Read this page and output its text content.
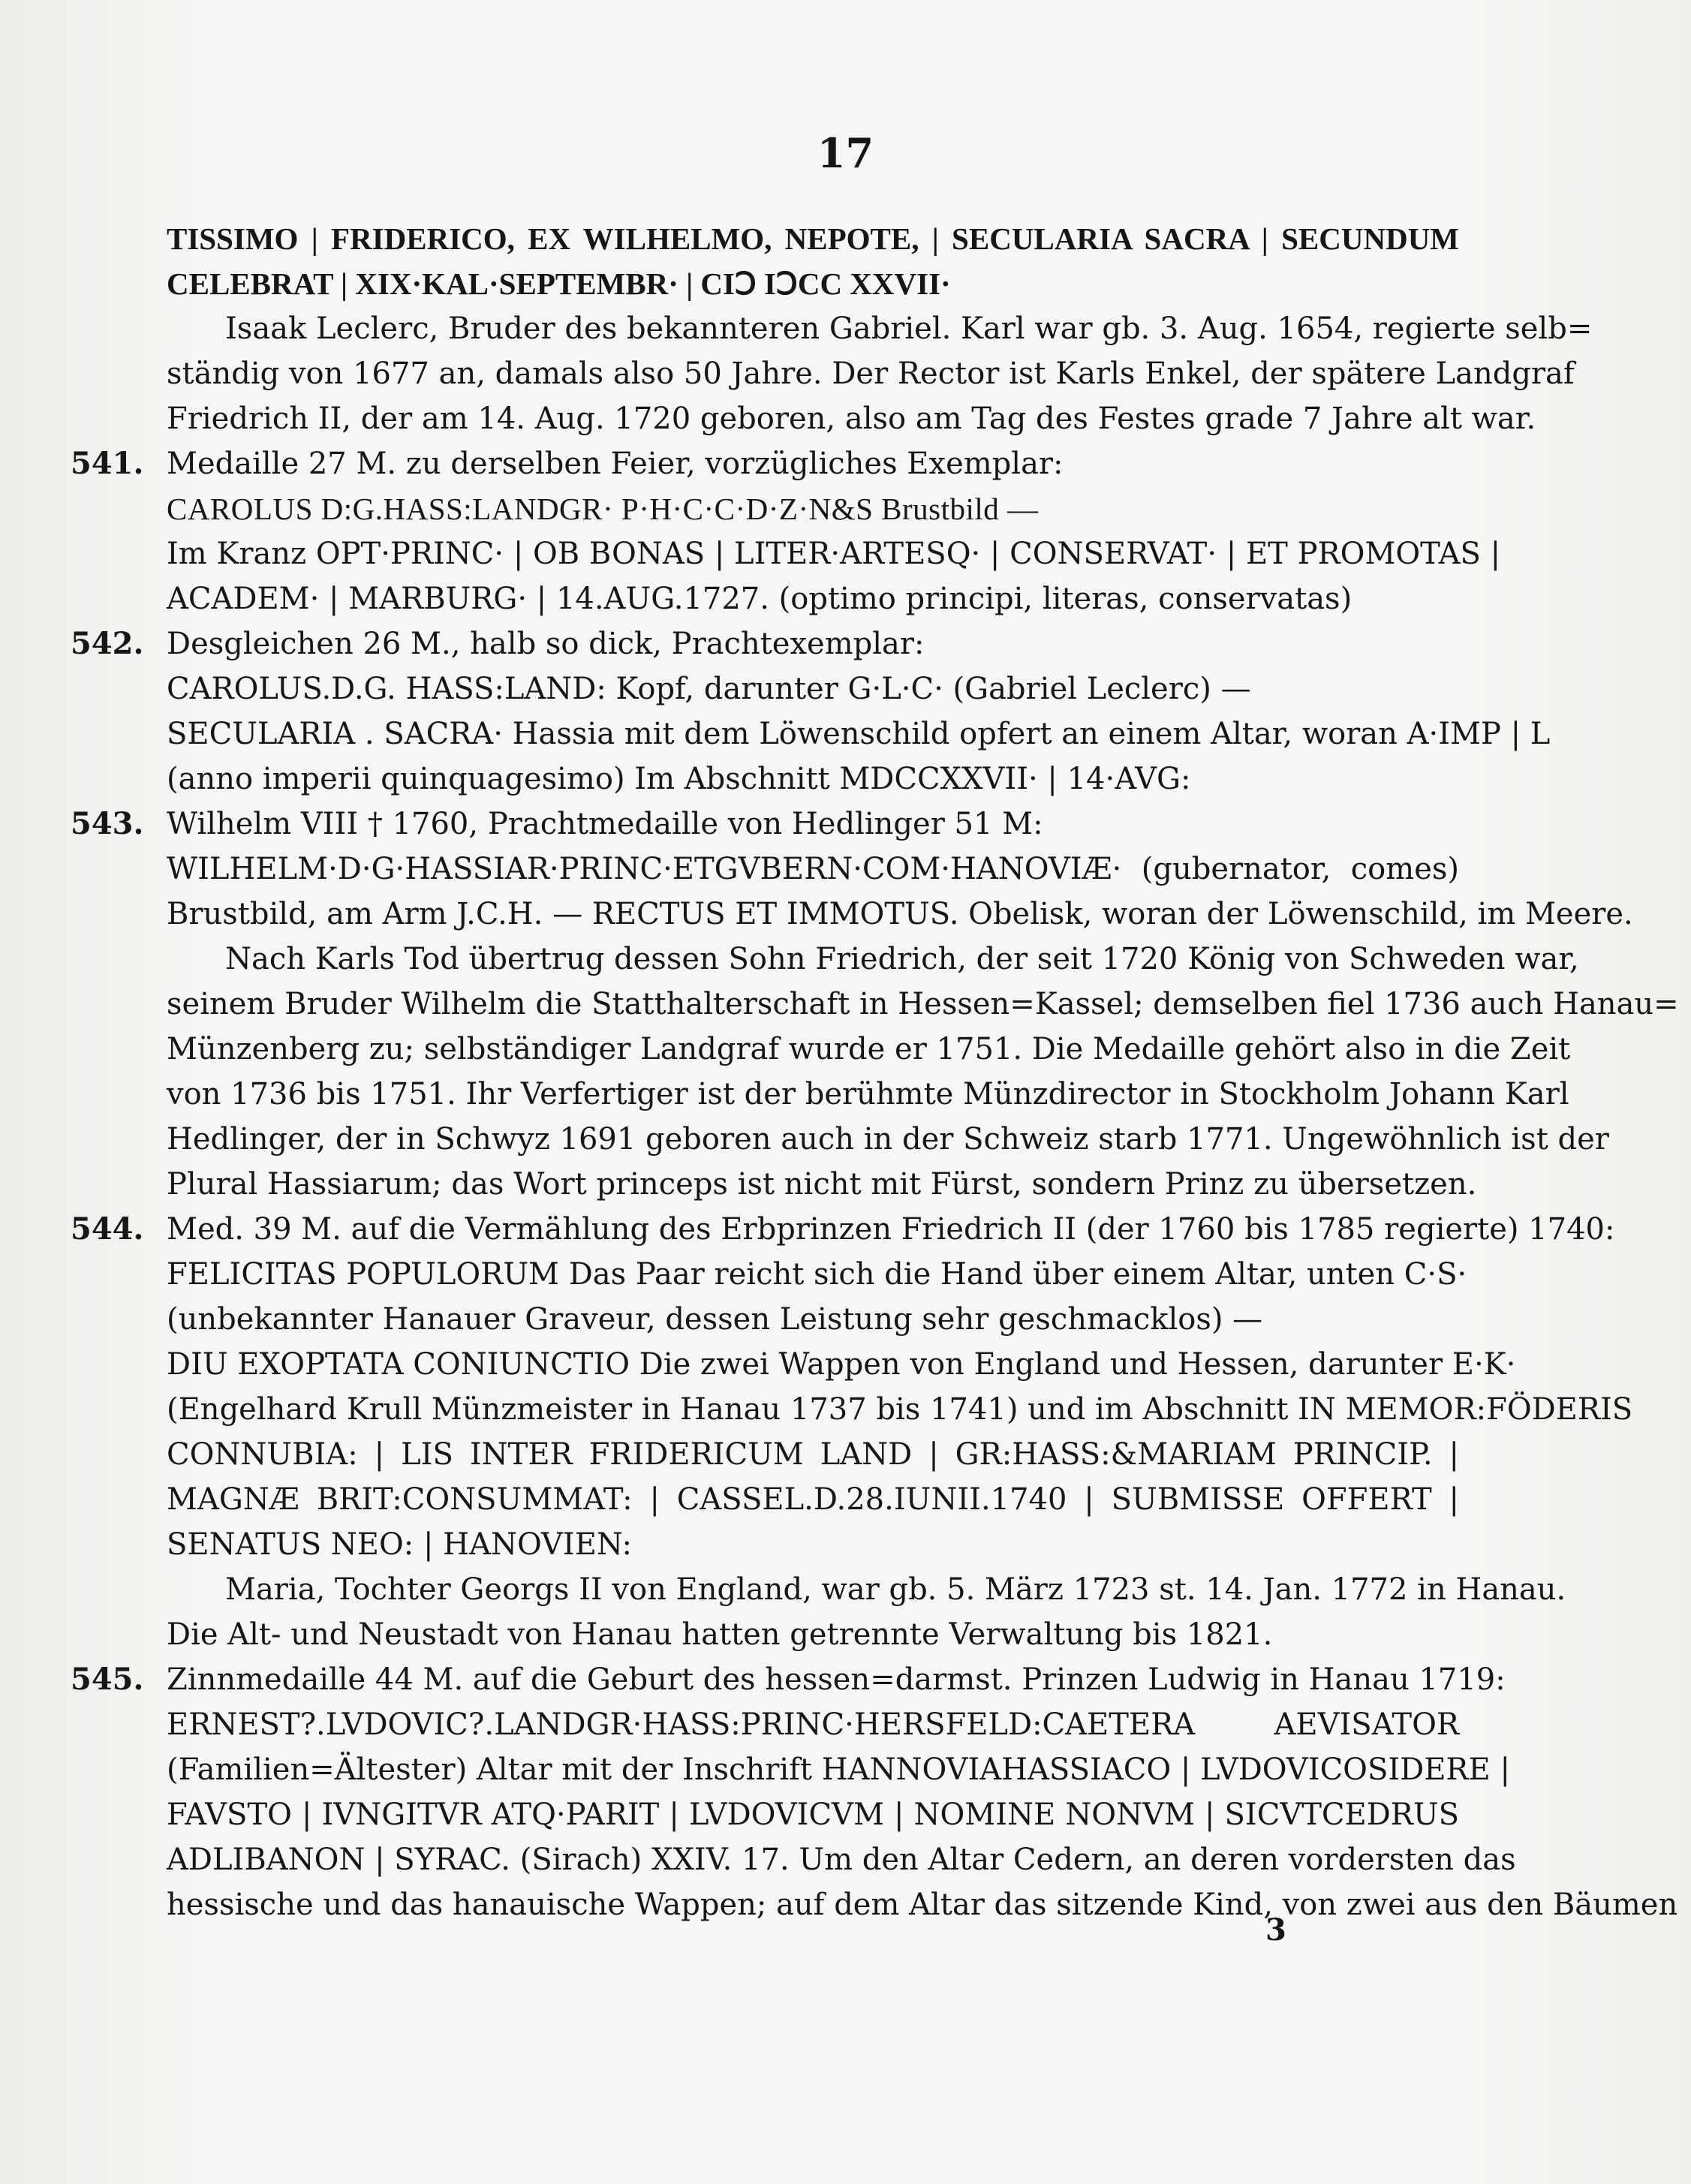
17
TISSIMO | FRIDERICO, EX WILHELMO, NEPOTE, | SECULARIA SACRA | SECUNDUM
CELEBRAT | XIX·KAL·SEPTEMBR· | CIↃ IↃCC XXVII·
Isaak Leclerc, Bruder des bekannteren Gabriel. Karl war gb. 3. Aug. 1654, regierte selb=
ständig von 1677 an, damals also 50 Jahre. Der Rector ist Karls Enkel, der spätere Landgraf
Friedrich II, der am 14. Aug. 1720 geboren, also am Tag des Festes grade 7 Jahre alt war.
541. Medaille 27 M. zu derselben Feier, vorzügliches Exemplar:
CAROLUS D:G.HASS:LANDGR· P·H·C·C·D·Z·N&S Brustbild —
Im Kranz OPT·PRINC· | OB BONAS | LITER·ARTESQ· | CONSERVAT· | ET PROMOTAS |
ACADEM· | MARBURG· | 14.AUG.1727. (optimo principi, literas, conservatas)
542. Desgleichen 26 M., halb so dick, Prachtexemplar:
CAROLUS.D.G. HASS:LAND: Kopf, darunter G·L·C· (Gabriel Leclerc) —
SECULARIA . SACRA· Hassia mit dem Löwenschild opfert an einem Altar, woran A·IMP | L
(anno imperii quinquagesimo) Im Abschnitt MDCCXXVII· | 14·AVG:
543. Wilhelm VIII † 1760, Prachtmedaille von Hedlinger 51 M:
WILHELM·D·G·HASSIAR·PRINC·ETGVBERN·COM·HANOVIÆ· (gubernator, comes)
Brustbild, am Arm J.C.H. — RECTUS ET IMMOTUS. Obelisk, woran der Löwenschild, im Meere.
Nach Karls Tod übertrug dessen Sohn Friedrich, der seit 1720 König von Schweden war,
seinem Bruder Wilhelm die Statthalterschaft in Hessen=Kassel; demselben fiel 1736 auch Hanau=
Münzenberg zu; selbständiger Landgraf wurde er 1751. Die Medaille gehört also in die Zeit
von 1736 bis 1751. Ihr Verfertiger ist der berühmte Münzdirector in Stockholm Johann Karl
Hedlinger, der in Schwyz 1691 geboren auch in der Schweiz starb 1771. Ungewöhnlich ist der
Plural Hassiarum; das Wort princeps ist nicht mit Fürst, sondern Prinz zu übersetzen.
544. Med. 39 M. auf die Vermählung des Erbprinzen Friedrich II (der 1760 bis 1785 regierte) 1740:
FELICITAS POPULORUM Das Paar reicht sich die Hand über einem Altar, unten C·S·
(unbekannter Hanauer Graveur, dessen Leistung sehr geschmacklos) —
DIU EXOPTATA CONIUNCTIO Die zwei Wappen von England und Hessen, darunter E·K·
(Engelhard Krull Münzmeister in Hanau 1737 bis 1741) und im Abschnitt IN MEMOR:FÖDERIS
CONNUBIA: | LIS INTER FRIDERICUM LAND | GR:HASS:&MARIAM PRINCIP. |
MAGNÆ BRIT:CONSUMMAT: | CASSEL.D.28.IUNII.1740 | SUBMISSE OFFERT |
SENATUS NEO: | HANOVIEN:
Maria, Tochter Georgs II von England, war gb. 5. März 1723 st. 14. Jan. 1772 in Hanau.
Die Alt- und Neustadt von Hanau hatten getrennte Verwaltung bis 1821.
545. Zinnmedaille 44 M. auf die Geburt des hessen=darmst. Prinzen Ludwig in Hanau 1719:
ERNEST?.LVDOVIC?.LANDGR·HASS:PRINC·HERSFELD:CAETERA AEVISATOR
(Familien=Ältester) Altar mit der Inschrift HANNOVIAHASSIACO | LVDOVICOSIDERE |
FAVSTO | IVNGITVR ATQ·PARIT | LVDOVICVM | NOMINE NONVM | SICVTCEDRUS
ADLIBANON | SYRAC. (Sirach) XXIV. 17. Um den Altar Cedern, an deren vordersten das
hessische und das hanauische Wappen; auf dem Altar das sitzende Kind, von zwei aus den Bäumen
3
